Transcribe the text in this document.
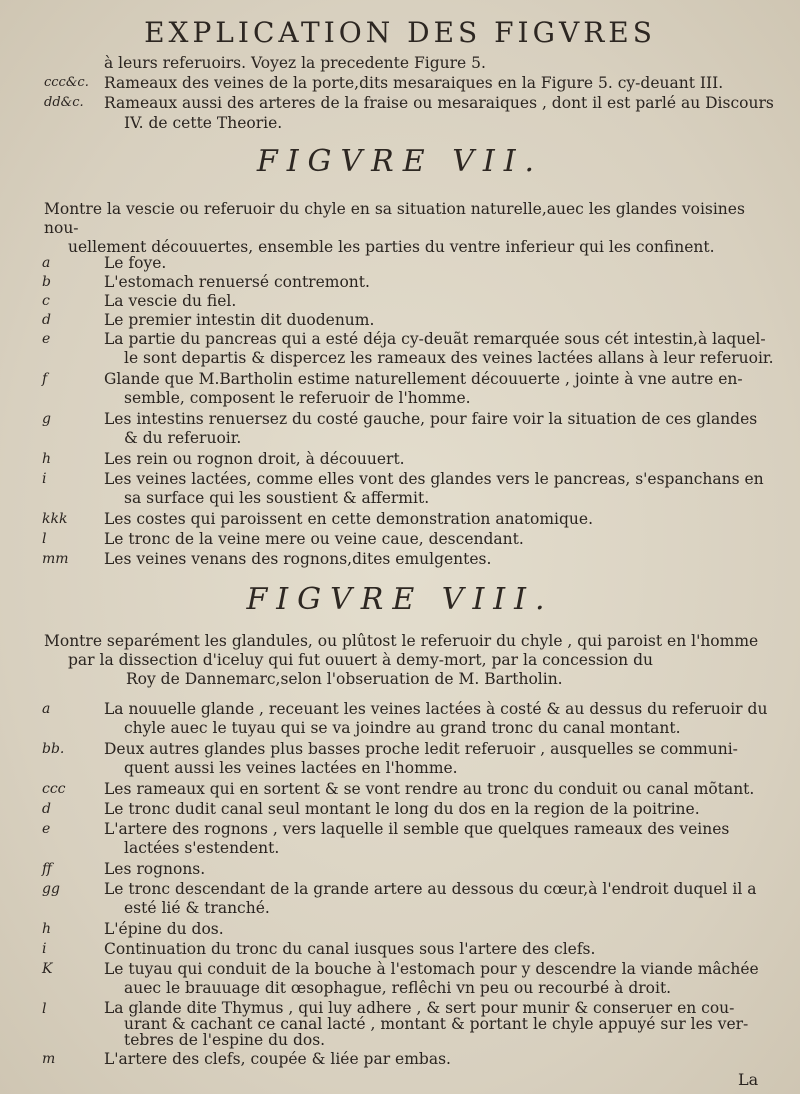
EXPLICATION DES FIGVRES
à leurs referuoirs. Voyez la precedente Figure 5.
ccc&c. Rameaux des veines de la porte,dits mesaraiques en la Figure 5. cy-deuant III.
dd&c. Rameaux aussi des arteres de la fraise ou mesaraiques , dont il est parlé au Discours
IV. de cette Theorie.
FIGVRE VII.
Montre la vescie ou referuoir du chyle en sa situation naturelle,auec les glandes voisines nou-
uellement découuertes, ensemble les parties du ventre inferieur qui les confinent.
a	Le foye.
b	L'estomach renuersé contremont.
c	La vescie du fiel.
d	Le premier intestin dit duodenum.
e	La partie du pancreas qui a esté déja cy-deuãt remarquée sous cét intestin,à laquel-
le sont departis & dispercez les rameaux des veines lactées allans à leur referuoir.
f	Glande que M.Bartholin estime naturellement découuerte , jointe à vne autre en-
semble, composent le referuoir de l'homme.
g	Les intestins renuersez du costé gauche, pour faire voir la situation de ces glandes
& du referuoir.
h	Les rein ou rognon droit, à découuert.
i	Les veines lactées, comme elles vont des glandes vers le pancreas, s'espanchans en
sa surface qui les soustient & affermit.
kkk	Les costes qui paroissent en cette demonstration anatomique.
l	Le tronc de la veine mere ou veine caue, descendant.
mm	Les veines venans des rognons,dites emulgentes.
FIGVRE VIII.
Montre separément les glandules, ou plûtost le referuoir du chyle , qui paroist en l'homme
par la dissection d'iceluy qui fut ouuert à demy-mort, par la concession du
Roy de Dannemarc,selon l'obseruation de M. Bartholin.
a	La nouuelle glande , receuant les veines lactées à costé & au dessus du referuoir du
chyle auec le tuyau qui se va joindre au grand tronc du canal montant.
bb.	Deux autres glandes plus basses proche ledit referuoir , ausquelles se communi-
quent aussi les veines lactées en l'homme.
ccc	Les rameaux qui en sortent & se vont rendre au tronc du conduit ou canal mõtant.
d	Le tronc dudit canal seul montant le long du dos en la region de la poitrine.
e	L'artere des rognons , vers laquelle il semble que quelques rameaux des veines
lactées s'estendent.
ff	Les rognons.
gg	Le tronc descendant de la grande artere au dessous du cœur,à l'endroit duquel il a
esté lié & tranché.
h	L'épine du dos.
i	Continuation du tronc du canal iusques sous l'artere des clefs.
K	Le tuyau qui conduit de la bouche à l'estomach pour y descendre la viande mâchée
auec le brauuage dit œsophague, reflêchi vn peu ou recourbé à droit.
l	La glande dite Thymus , qui luy adhere , & sert pour munir & conseruer en cou-
urant & cachant ce canal lacté , montant & portant le chyle appuyé sur les ver-
tebres de l'espine du dos.
m	L'artere des clefs, coupée & liée par embas.
La
